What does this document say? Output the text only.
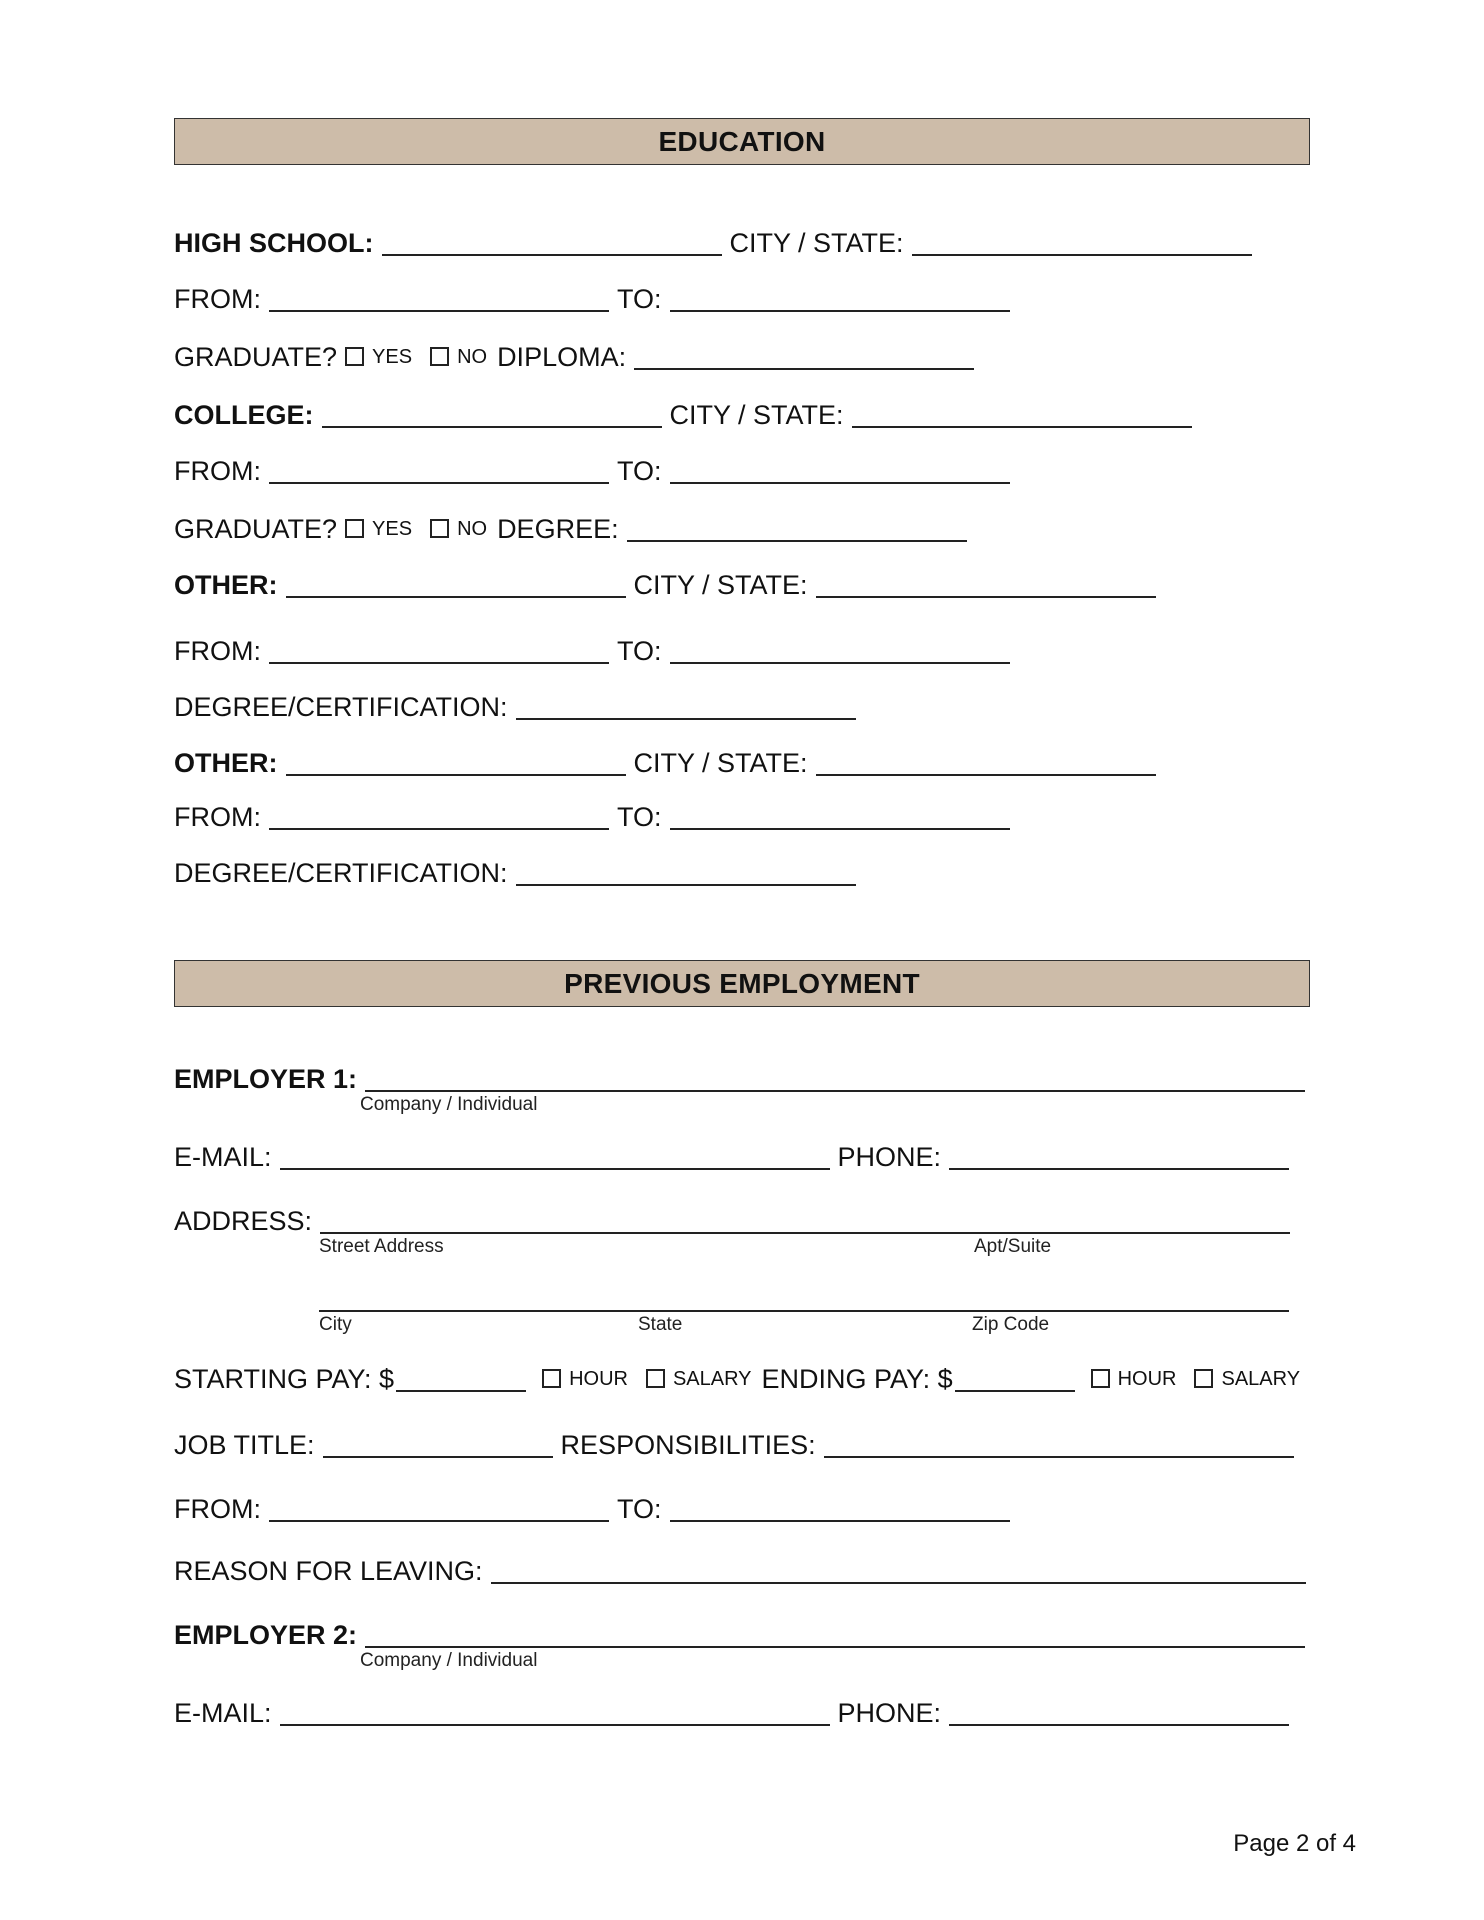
EDUCATION
HIGH SCHOOL:	CITY / STATE:
FROM:	TO:
GRADUATE? YES NO DIPLOMA:
COLLEGE:	CITY / STATE:
FROM:	TO:
GRADUATE? YES NO DEGREE:
OTHER:	CITY / STATE:
FROM:	TO:
DEGREE/CERTIFICATION:
OTHER:	CITY / STATE:
FROM:	TO:
DEGREE/CERTIFICATION:
PREVIOUS EMPLOYMENT
EMPLOYER 1:
Company / Individual
E-MAIL:	PHONE:
ADDRESS:
Street Address	Apt/Suite
City	State	Zip Code
STARTING PAY: $	HOUR SALARY ENDING PAY: $	HOUR SALARY
JOB TITLE:	RESPONSIBILITIES:
FROM:	TO:
REASON FOR LEAVING:
EMPLOYER 2:
Company / Individual
E-MAIL:	PHONE:
Page 2 of 4
